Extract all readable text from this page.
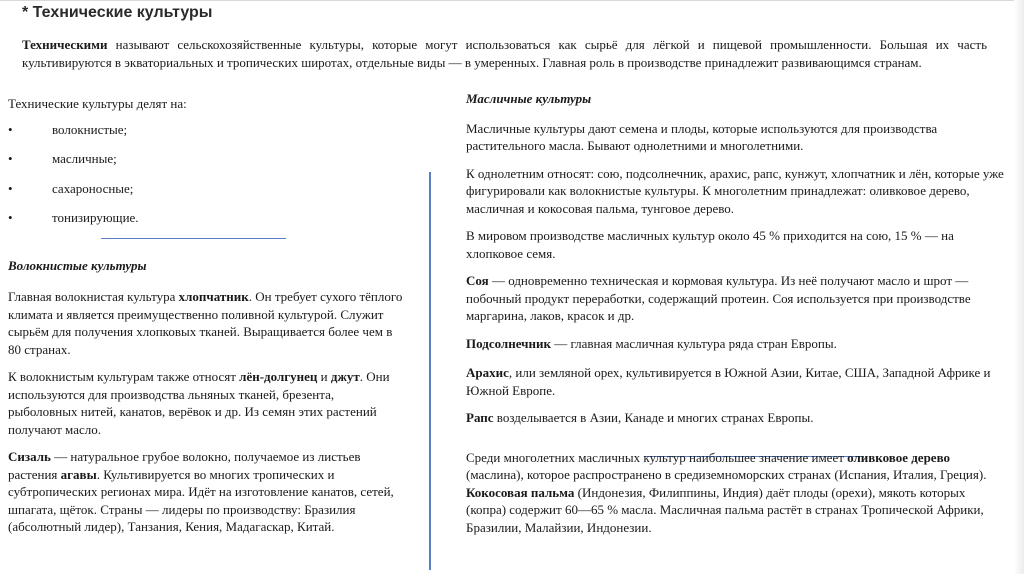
* Технические культуры

Техническими называют сельскохозяйственные культуры, которые могут использоваться как сырьё для лёгкой и пищевой промышленности. Большая их часть культивируются в экваториальных и тропических широтах, отдельные виды — в умеренных. Главная роль в производстве принадлежит развивающимся странам.

Технические культуры делят на:

•	волокнистые;
•	масличные;
•	сахароносные;
•	тонизирующие.

Волокнистые культуры

Главная волокнистая культура хлопчатник. Он требует сухого тёплого климата и является преимущественно поливной культурой. Служит сырьём для получения хлопковых тканей. Выращивается более чем в 80 странах.

К волокнистым культурам также относят лён-долгунец и джут. Они используются для производства льняных тканей, брезента, рыболовных нитей, канатов, верёвок и др. Из семян этих растений получают масло.

Сизаль — натуральное грубое волокно, получаемое из листьев растения агавы. Культивируется во многих тропических и субтропических регионах мира. Идёт на изготовление канатов, сетей, шпагата, щёток. Страны — лидеры по производству: Бразилия (абсолютный лидер), Танзания, Кения, Мадагаскар, Китай.

Масличные культуры

Масличные культуры дают семена и плоды, которые используются для производства растительного масла. Бывают однолетними и многолетними.

К однолетним относят: сою, подсолнечник, арахис, рапс, кунжут, хлопчатник и лён, которые уже фигурировали как волокнистые культуры. К многолетним принадлежат: оливковое дерево, масличная и кокосовая пальма, тунговое дерево.

В мировом производстве масличных культур около 45 % приходится на сою, 15 % — на хлопковое семя.

Соя — одновременно техническая и кормовая культура. Из неё получают масло и шрот — побочный продукт переработки, содержащий протеин. Соя используется при производстве маргарина, лаков, красок и др.

Подсолнечник — главная масличная культура ряда стран Европы.

Арахис, или земляной орех, культивируется в Южной Азии, Китае, США, Западной Африке и Южной Европе.

Рапс возделывается в Азии, Канаде и многих странах Европы.

Среди многолетних масличных культур наибольшее значение имеет оливковое дерево (маслина), которое распространено в средиземноморских странах (Испания, Италия, Греция). Кокосовая пальма (Индонезия, Филиппины, Индия) даёт плоды (орехи), мякоть которых (копра) содержит 60—65 % масла. Масличная пальма растёт в странах Тропической Африки, Бразилии, Малайзии, Индонезии.
